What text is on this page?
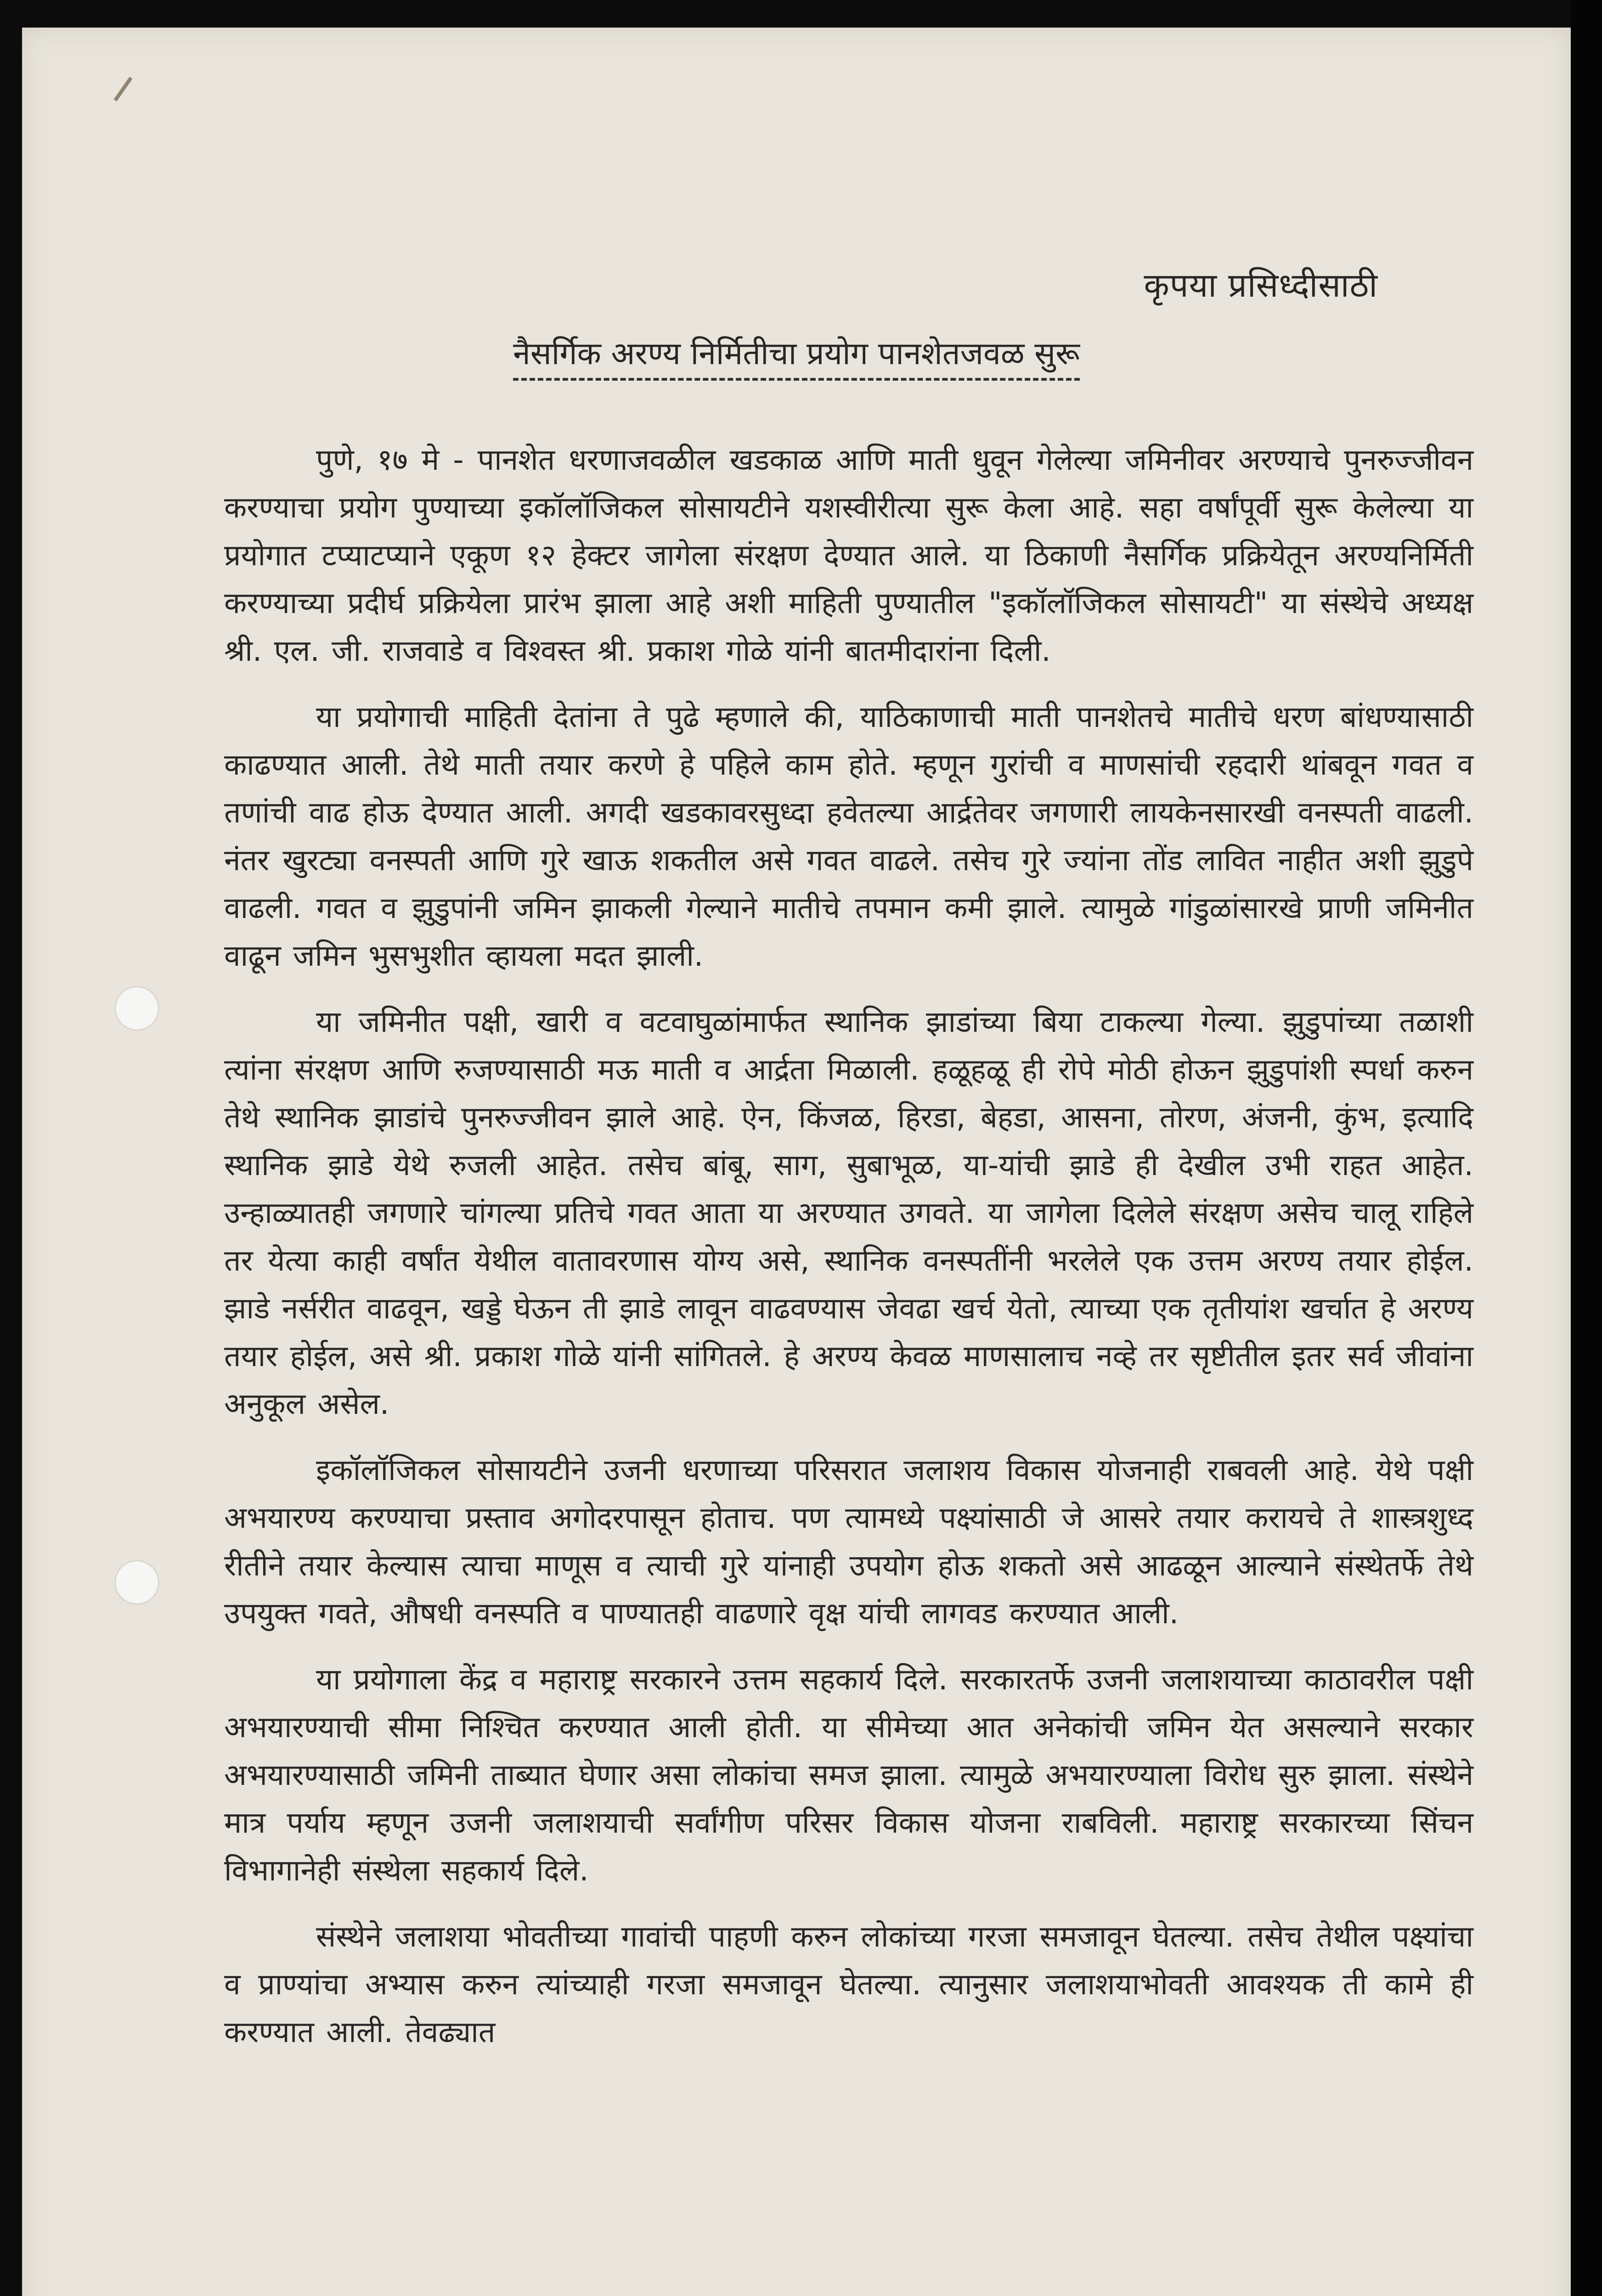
कृपया प्रसिध्दीसाठी
नैसर्गिक अरण्य निर्मितीचा प्रयोग पानशेतजवळ सुरू

पुणे, १७ मे - पानशेत धरणाजवळील खडकाळ आणि माती धुवून गेलेल्या जमिनीवर अरण्याचे पुनरुज्जीवन करण्याचा प्रयोग पुण्याच्या इकॉलॉजिकल सोसायटीने यशस्वीरीत्या सुरू केला आहे. सहा वर्षांपूर्वी सुरू केलेल्या या प्रयोगात टप्याटप्याने एकूण १२ हेक्टर जागेला संरक्षण देण्यात आले. या ठिकाणी नैसर्गिक प्रक्रियेतून अरण्यनिर्मिती करण्याच्या प्रदीर्घ प्रक्रियेला प्रारंभ झाला आहे अशी माहिती पुण्यातील "इकॉलॉजिकल सोसायटी" या संस्थेचे अध्यक्ष श्री. एल. जी. राजवाडे व विश्वस्त श्री. प्रकाश गोळे यांनी बातमीदारांना दिली.

या प्रयोगाची माहिती देतांना ते पुढे म्हणाले की, याठिकाणाची माती पानशेतचे मातीचे धरण बांधण्यासाठी काढण्यात आली. तेथे माती तयार करणे हे पहिले काम होते. म्हणून गुरांची व माणसांची रहदारी थांबवून गवत व तणांची वाढ होऊ देण्यात आली. अगदी खडकावरसुध्दा हवेतल्या आर्द्रतेवर जगणारी लायकेनसारखी वनस्पती वाढली. नंतर खुरट्या वनस्पती आणि गुरे खाऊ शकतील असे गवत वाढले. तसेच गुरे ज्यांना तोंड लावित नाहीत अशी झुडुपे वाढली. गवत व झुडुपांनी जमिन झाकली गेल्याने मातीचे तपमान कमी झाले. त्यामुळे गांडुळांसारखे प्राणी जमिनीत वाढून जमिन भुसभुशीत व्हायला मदत झाली.

या जमिनीत पक्षी, खारी व वटवाघुळांमार्फत स्थानिक झाडांच्या बिया टाकल्या गेल्या. झुडुपांच्या तळाशी त्यांना संरक्षण आणि रुजण्यासाठी मऊ माती व आर्द्रता मिळाली. हळूहळू ही रोपे मोठी होऊन झुडुपांशी स्पर्धा करुन तेथे स्थानिक झाडांचे पुनरुज्जीवन झाले आहे. ऐन, किंजळ, हिरडा, बेहडा, आसना, तोरण, अंजनी, कुंभ, इत्यादि स्थानिक झाडे येथे रुजली आहेत. तसेच बांबू, साग, सुबाभूळ, या-यांची झाडे ही देखील उभी राहत आहेत. उन्हाळ्यातही जगणारे चांगल्या प्रतिचे गवत आता या अरण्यात उगवते. या जागेला दिलेले संरक्षण असेच चालू राहिले तर येत्या काही वर्षांत येथील वातावरणास योग्य असे, स्थानिक वनस्पतींनी भरलेले एक उत्तम अरण्य तयार होईल. झाडे नर्सरीत वाढवून, खड्डे घेऊन ती झाडे लावून वाढवण्यास जेवढा खर्च येतो, त्याच्या एक तृतीयांश खर्चात हे अरण्य तयार होईल, असे श्री. प्रकाश गोळे यांनी सांगितले. हे अरण्य केवळ माणसालाच नव्हे तर सृष्टीतील इतर सर्व जीवांना अनुकूल असेल.

इकॉलॉजिकल सोसायटीने उजनी धरणाच्या परिसरात जलाशय विकास योजनाही राबवली आहे. येथे पक्षी अभयारण्य करण्याचा प्रस्ताव अगोदरपासून होताच. पण त्यामध्ये पक्ष्यांसाठी जे आसरे तयार करायचे ते शास्त्रशुध्द रीतीने तयार केल्यास त्याचा माणूस व त्याची गुरे यांनाही उपयोग होऊ शकतो असे आढळून आल्याने संस्थेतर्फे तेथे उपयुक्त गवते, औषधी वनस्पति व पाण्यातही वाढणारे वृक्ष यांची लागवड करण्यात आली.

या प्रयोगाला केंद्र व महाराष्ट्र सरकारने उत्तम सहकार्य दिले. सरकारतर्फे उजनी जलाशयाच्या काठावरील पक्षी अभयारण्याची सीमा निश्चित करण्यात आली होती. या सीमेच्या आत अनेकांची जमिन येत असल्याने सरकार अभयारण्यासाठी जमिनी ताब्यात घेणार असा लोकांचा समज झाला. त्यामुळे अभयारण्याला विरोध सुरु झाला. संस्थेने मात्र पर्याय म्हणून उजनी जलाशयाची सर्वांगीण परिसर विकास योजना राबविली. महाराष्ट्र सरकारच्या सिंचन विभागानेही संस्थेला सहकार्य दिले.

संस्थेने जलाशया भोवतीच्या गावांची पाहणी करुन लोकांच्या गरजा समजावून घेतल्या. तसेच तेथील पक्ष्यांचा व प्राण्यांचा अभ्यास करुन त्यांच्याही गरजा समजावून घेतल्या. त्यानुसार जलाशयाभोवती आवश्यक ती कामे ही करण्यात आली. तेवढ्यात
